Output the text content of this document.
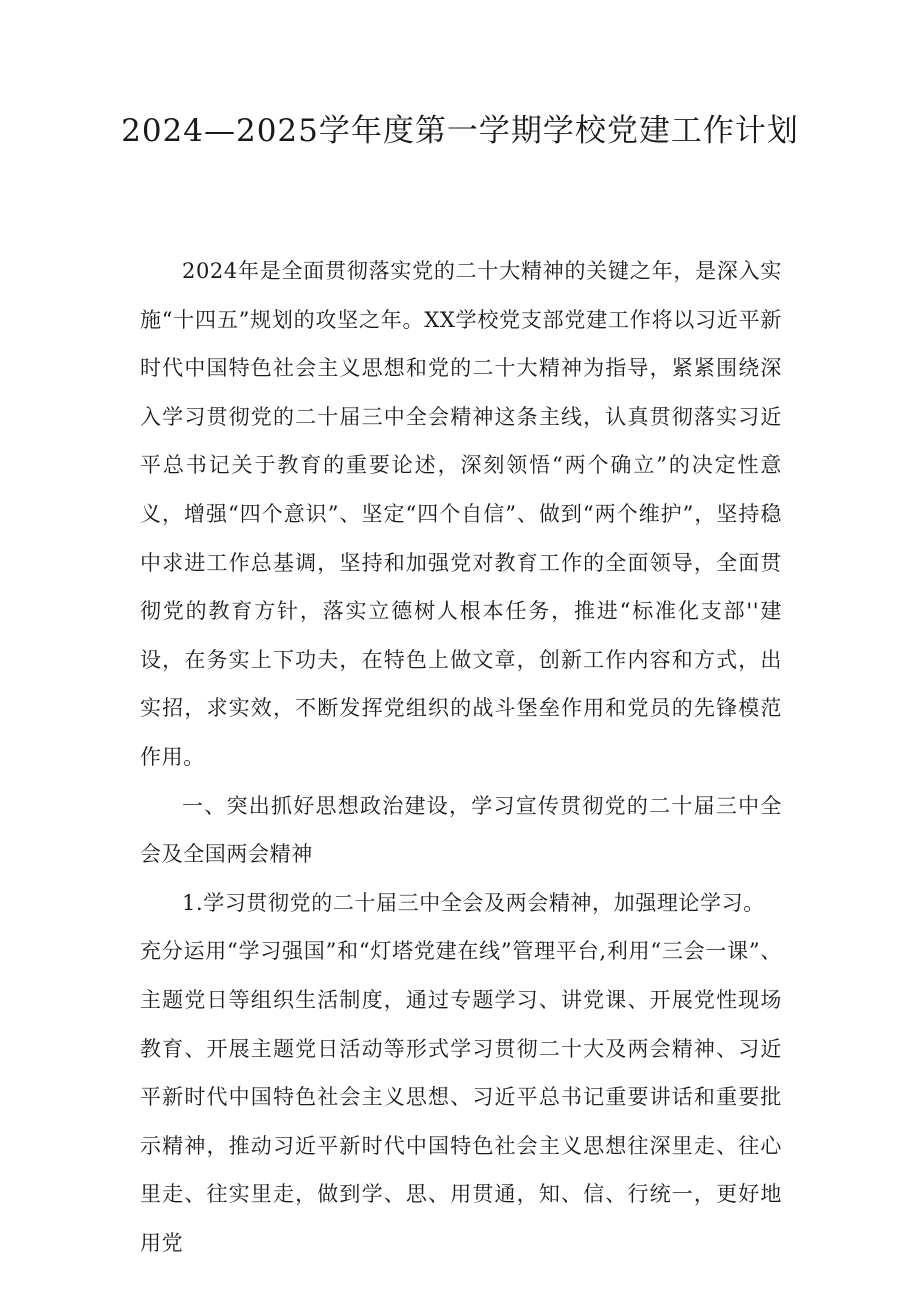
2024—2025学年度第一学期学校党建工作计划

2024年是全面贯彻落实党的二十大精神的关键之年，是深入实施“十四五”规划的攻坚之年。XX学校党支部党建工作将以习近平新时代中国特色社会主义思想和党的二十大精神为指导，紧紧围绕深入学习贯彻党的二十届三中全会精神这条主线，认真贯彻落实习近平总书记关于教育的重要论述，深刻领悟“两个确立”的决定性意义，增强“四个意识”、坚定“四个自信”、做到“两个维护”，坚持稳中求进工作总基调，坚持和加强党对教育工作的全面领导，全面贯彻党的教育方针，落实立德树人根本任务，推进“标准化支部''建设，在务实上下功夫，在特色上做文章，创新工作内容和方式，出实招，求实效，不断发挥党组织的战斗堡垒作用和党员的先锋模范作用。

一、突出抓好思想政治建设，学习宣传贯彻党的二十届三中全会及全国两会精神

1.学习贯彻党的二十届三中全会及两会精神，加强理论学习。

充分运用“学习强国”和“灯塔党建在线”管理平台,利用“三会一课”、主题党日等组织生活制度，通过专题学习、讲党课、开展党性现场教育、开展主题党日活动等形式学习贯彻二十大及两会精神、习近平新时代中国特色社会主义思想、习近平总书记重要讲话和重要批示精神，推动习近平新时代中国特色社会主义思想往深里走、往心里走、往实里走，做到学、思、用贯通，知、信、行统一，更好地用党
